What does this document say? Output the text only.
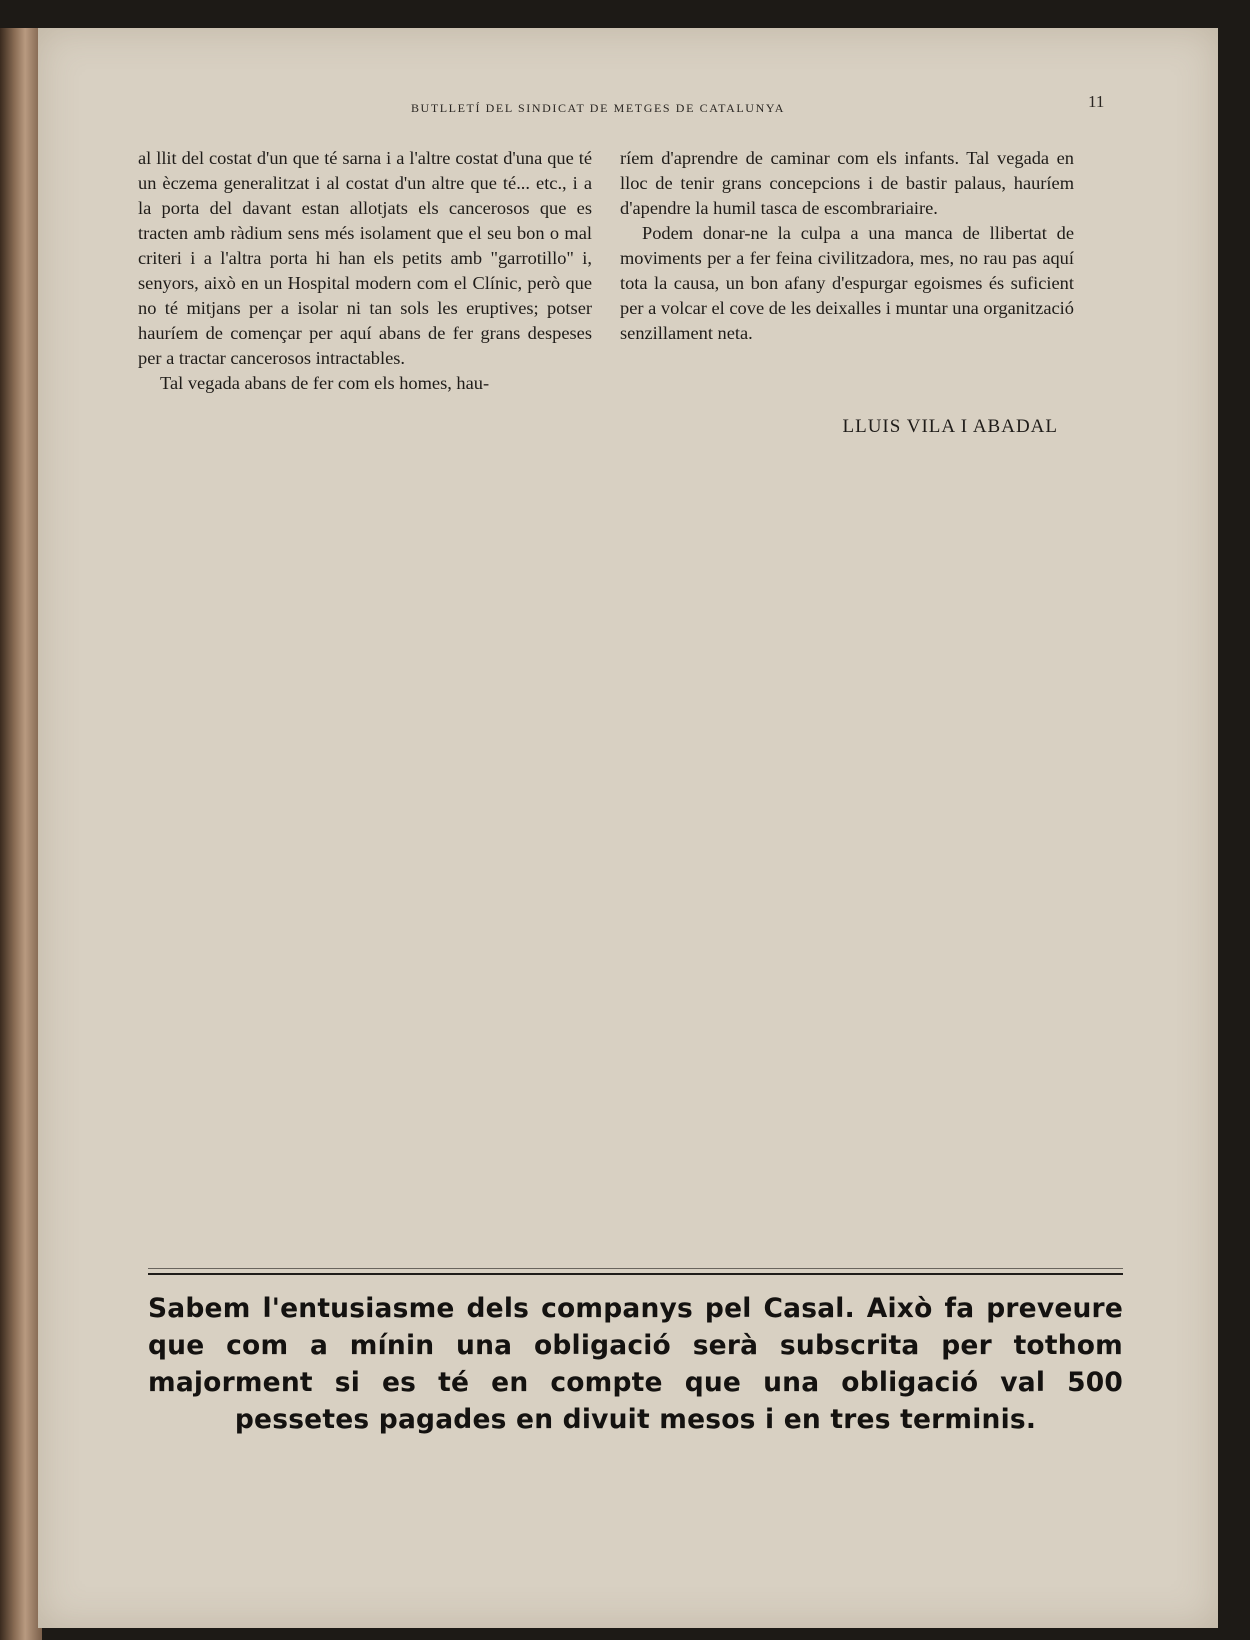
BUTLLETÍ DEL SINDICAT DE METGES DE CATALUNYA	11

al llit del costat d'un que té sarna i a l'altre costat d'una que té un èczema generalitzat i al costat d'un altre que té... etc., i a la porta del davant estan allotjats els cancerosos que es tracten amb ràdium sens més isolament que el seu bon o mal criteri i a l'altra porta hi han els petits amb "garrotillo" i, senyors, això en un Hospital modern com el Clínic, però que no té mitjans per a isolar ni tan sols les eruptives; potser hauríem de començar per aquí abans de fer grans despeses per a tractar cancerosos intractables.

Tal vegada abans de fer com els homes, hau-

ríem d'aprendre de caminar com els infants. Tal vegada en lloc de tenir grans concepcions i de bastir palaus, hauríem d'apendre la humil tasca de escombrariaire.

Podem donar-ne la culpa a una manca de llibertat de moviments per a fer feina civilitzadora, mes, no rau pas aquí tota la causa, un bon afany d'espurgar egoismes és suficient per a volcar el cove de les deixalles i muntar una organització senzillament neta.

LLUIS VILA I ABADAL
Sabem l'entusiasme dels companys pel Casal. Això fa preveure que com a mínin una obligació serà subscrita per tothom majorment si es té en compte que una obligació val 500 pessetes pagades en divuit mesos i en tres terminis.
